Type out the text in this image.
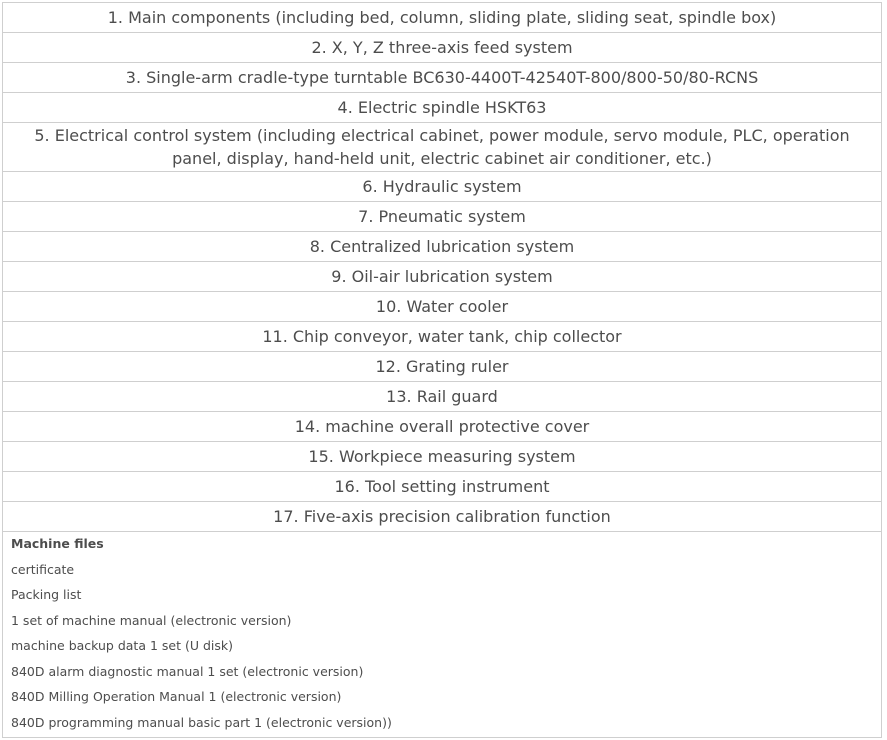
1. Main components (including bed, column, sliding plate, sliding seat, spindle box)
2. X, Y, Z three-axis feed system
3. Single-arm cradle-type turntable BC630-4400T-42540T-800/800-50/80-RCNS
4. Electric spindle HSKT63
5. Electrical control system (including electrical cabinet, power module, servo module, PLC, operation panel, display, hand-held unit, electric cabinet air conditioner, etc.)
6. Hydraulic system
7. Pneumatic system
8. Centralized lubrication system
9. Oil-air lubrication system
10. Water cooler
11. Chip conveyor, water tank, chip collector
12. Grating ruler
13. Rail guard
14. machine overall protective cover
15. Workpiece measuring system
16. Tool setting instrument
17. Five-axis precision calibration function
Machine files
certificate
Packing list
1 set of machine manual (electronic version)
machine backup data 1 set (U disk)
840D alarm diagnostic manual 1 set (electronic version)
840D Milling Operation Manual 1 (electronic version)
840D programming manual basic part 1 (electronic version))
